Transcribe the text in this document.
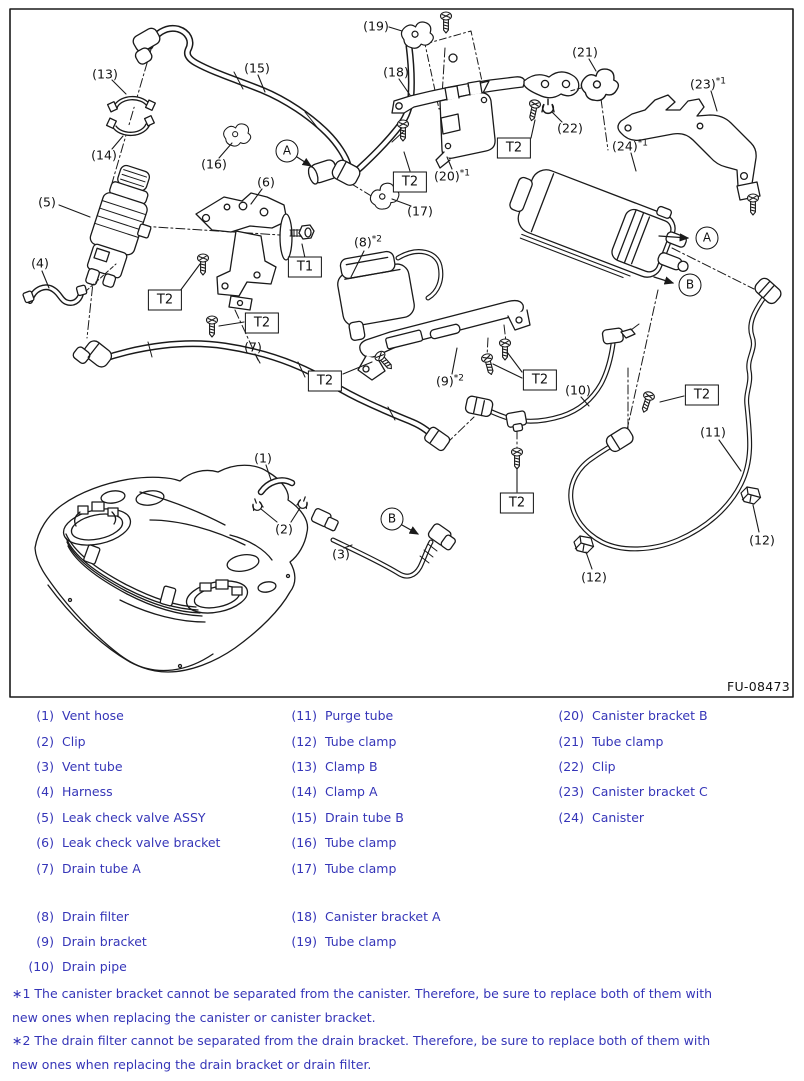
(19)
(13)	(15)	(18)
(21)
$(23)^{*1}$
(14)
(16)
(22)
$(24)^{*1}$
$(20)^{*1}$
(17)
(5)
(6)
$(8)^{*2}$
(4)
(7)
$(9)^{*2}$
(10)
(11)
(1)
(2)
(3)
(12)
(12)
T1
T2
T2
T2
T2
T2	T2
T2
T2
A
A
B
B
FU-08473
(1) Vent hose
(2) Clip
(3) Vent tube
(4) Harness
(5) Leak check valve ASSY
(6) Leak check valve bracket
(7) Drain tube A
(8) Drain filter
(9) Drain bracket
(10) Drain pipe
(11) Purge tube
(12) Tube clamp
(13) Clamp B
(14) Clamp A
(15) Drain tube B
(16) Tube clamp
(17) Tube clamp
(18) Canister bracket A
(19) Tube clamp
(20) Canister bracket B
(21) Tube clamp
(22) Clip
(23) Canister bracket C
(24) Canister
∗1 The canister bracket cannot be separated from the canister. Therefore, be sure to replace both of them with
new ones when replacing the canister or canister bracket.
∗2 The drain filter cannot be separated from the drain bracket. Therefore, be sure to replace both of them with
new ones when replacing the drain bracket or drain filter.
